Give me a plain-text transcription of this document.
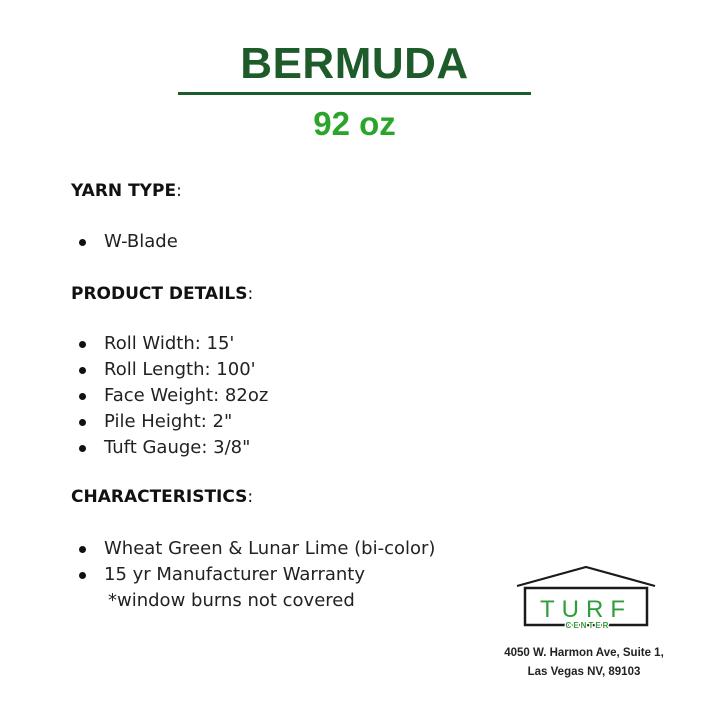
BERMUDA
92 oz
YARN TYPE:
W-Blade
PRODUCT DETAILS:
Roll Width: 15'
Roll Length: 100'
Face Weight: 82oz
Pile Height: 2"
Tuft Gauge: 3/8"
CHARACTERISTICS:
Wheat Green & Lunar Lime (bi-color)
15 yr Manufacturer Warranty
*window burns not covered	TURF
CENTER
4050 W. Harmon Ave, Suite 1,
Las Vegas NV, 89103
